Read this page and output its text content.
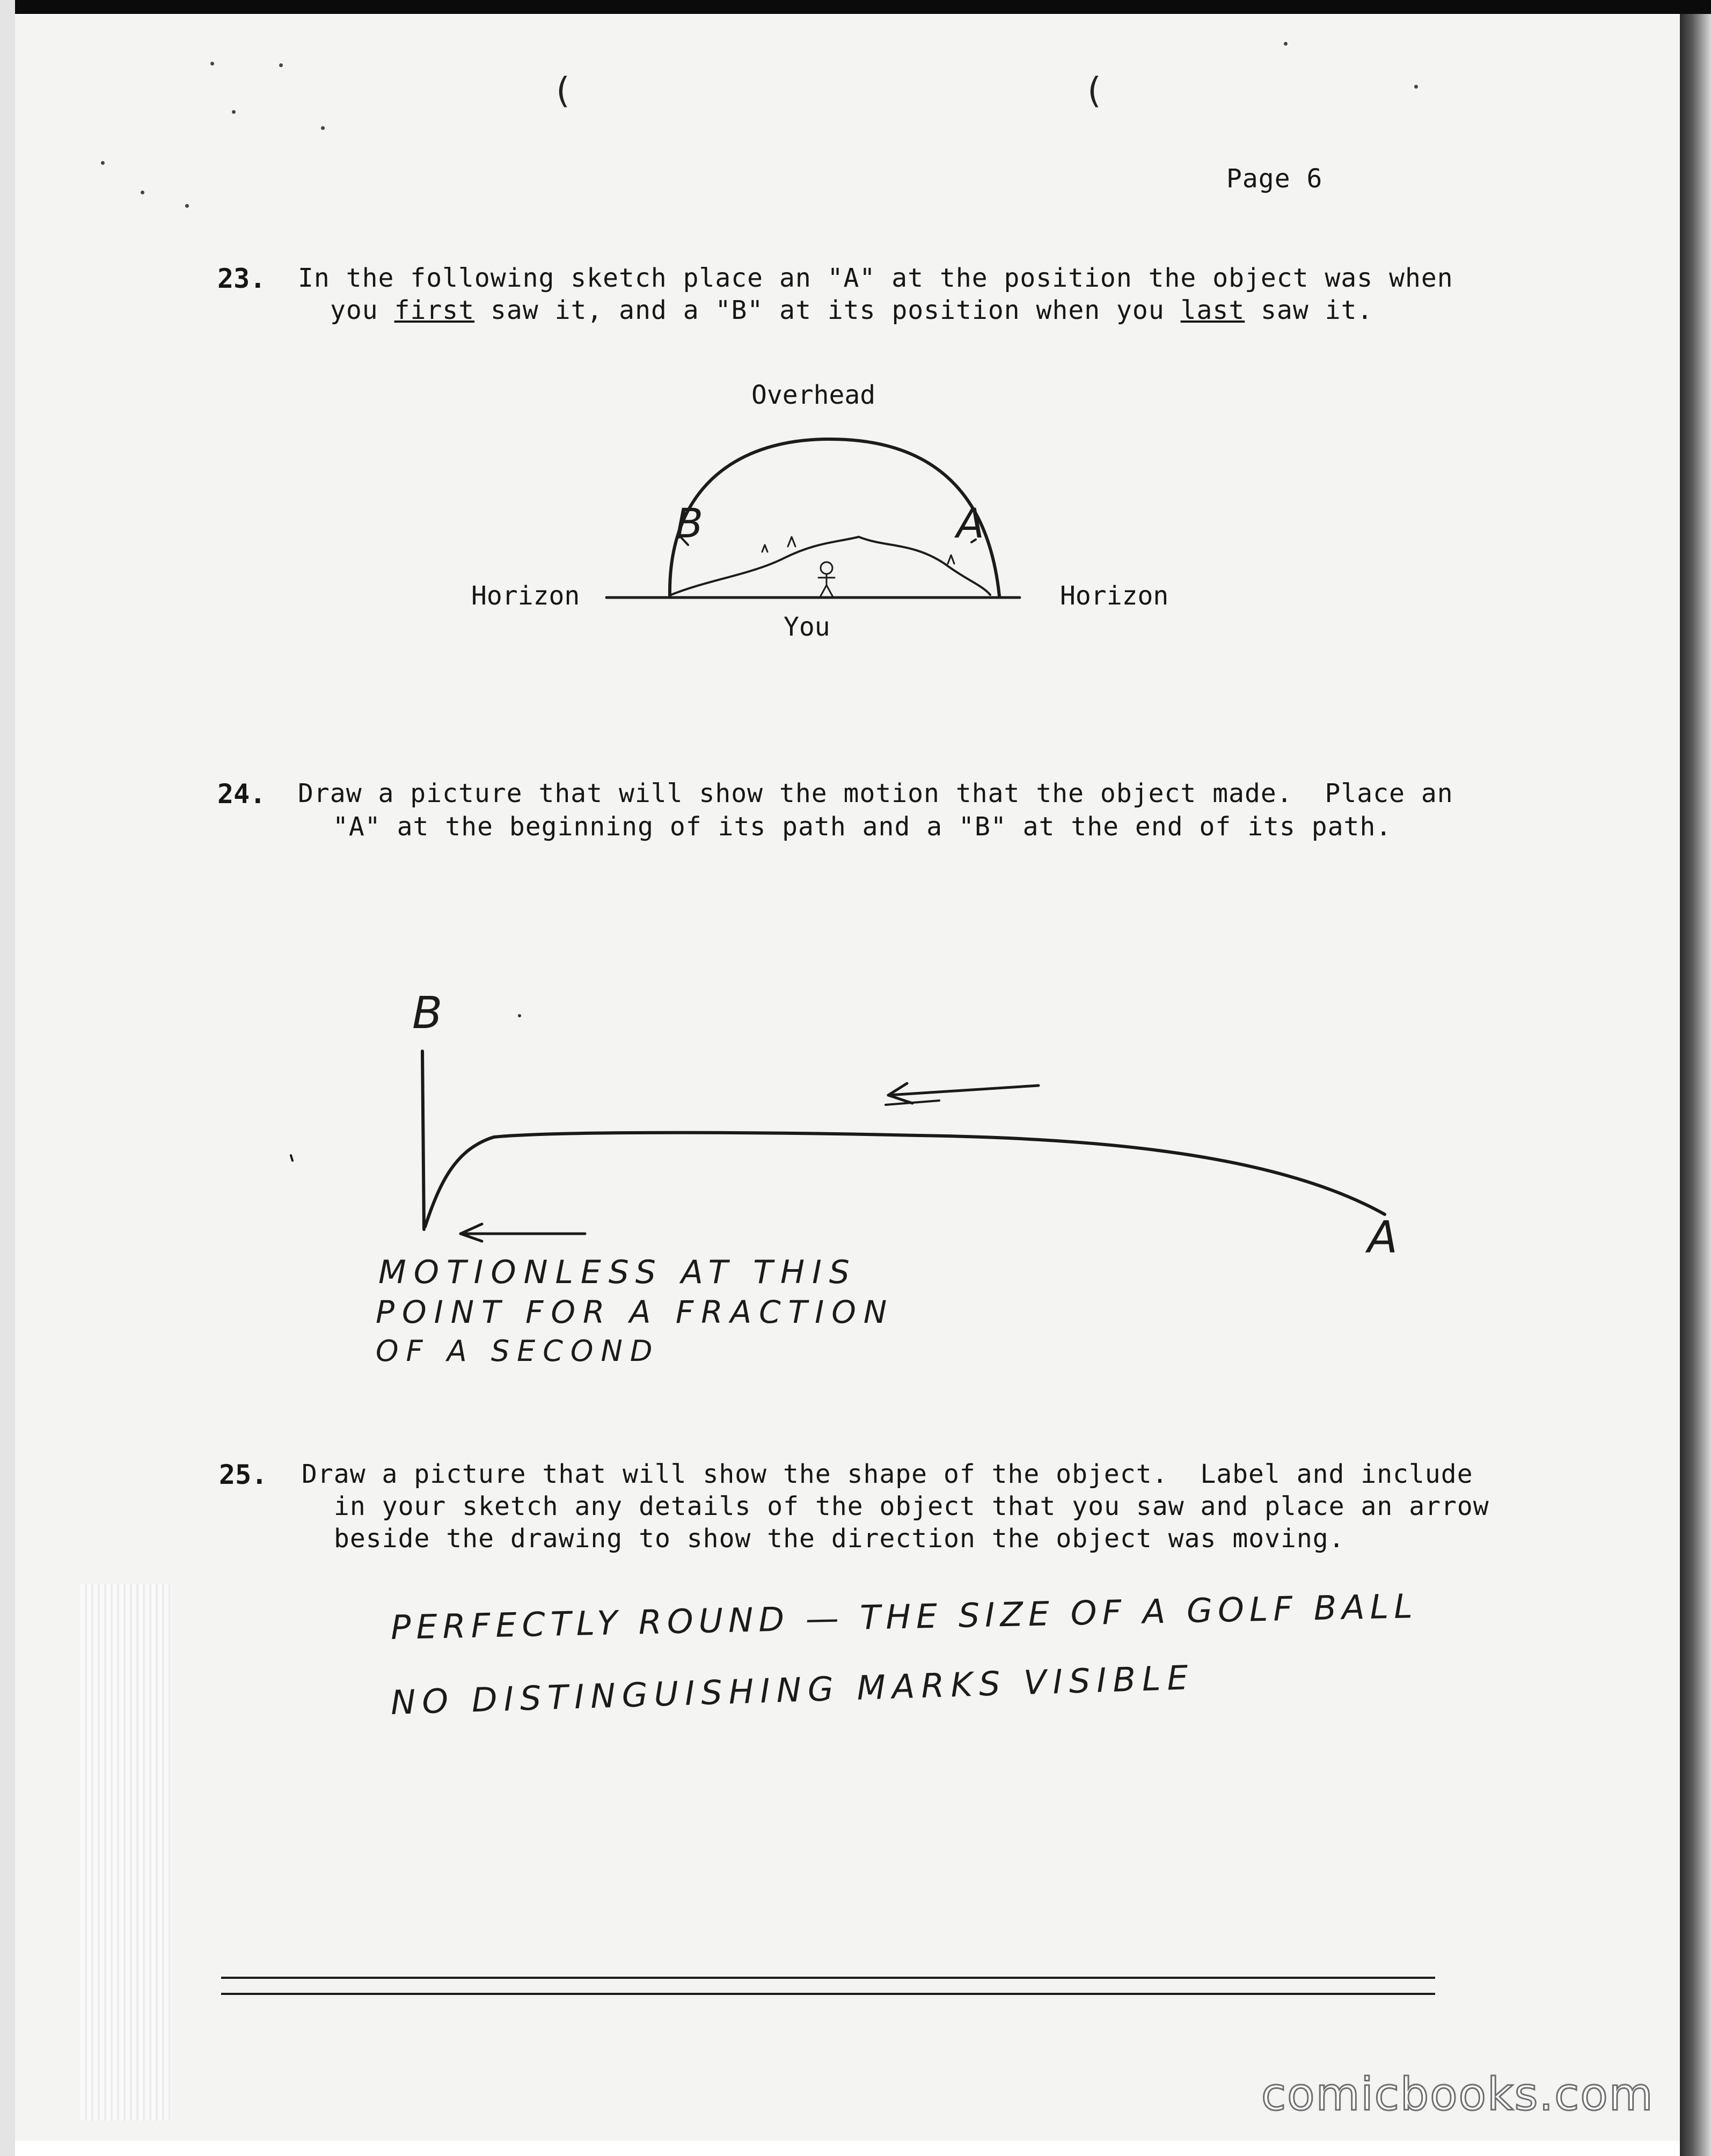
(	(
Page 6
23. In the following sketch place an "A" at the position the object was when
you first saw it, and a "B" at its position when you last saw it.
Overhead
Horizon	Horizon
You
B	A
24. Draw a picture that will show the motion that the object made.  Place an
"A" at the beginning of its path and a "B" at the end of its path.
B
A
MOTIONLESS AT THIS
POINT FOR A FRACTION
OF A SECOND
25. Draw a picture that will show the shape of the object.  Label and include
in your sketch any details of the object that you saw and place an arrow
beside the drawing to show the direction the object was moving.
PERFECTLY ROUND — THE SIZE OF A GOLF BALL
NO DISTINGUISHING MARKS VISIBLE
comicbooks.com
